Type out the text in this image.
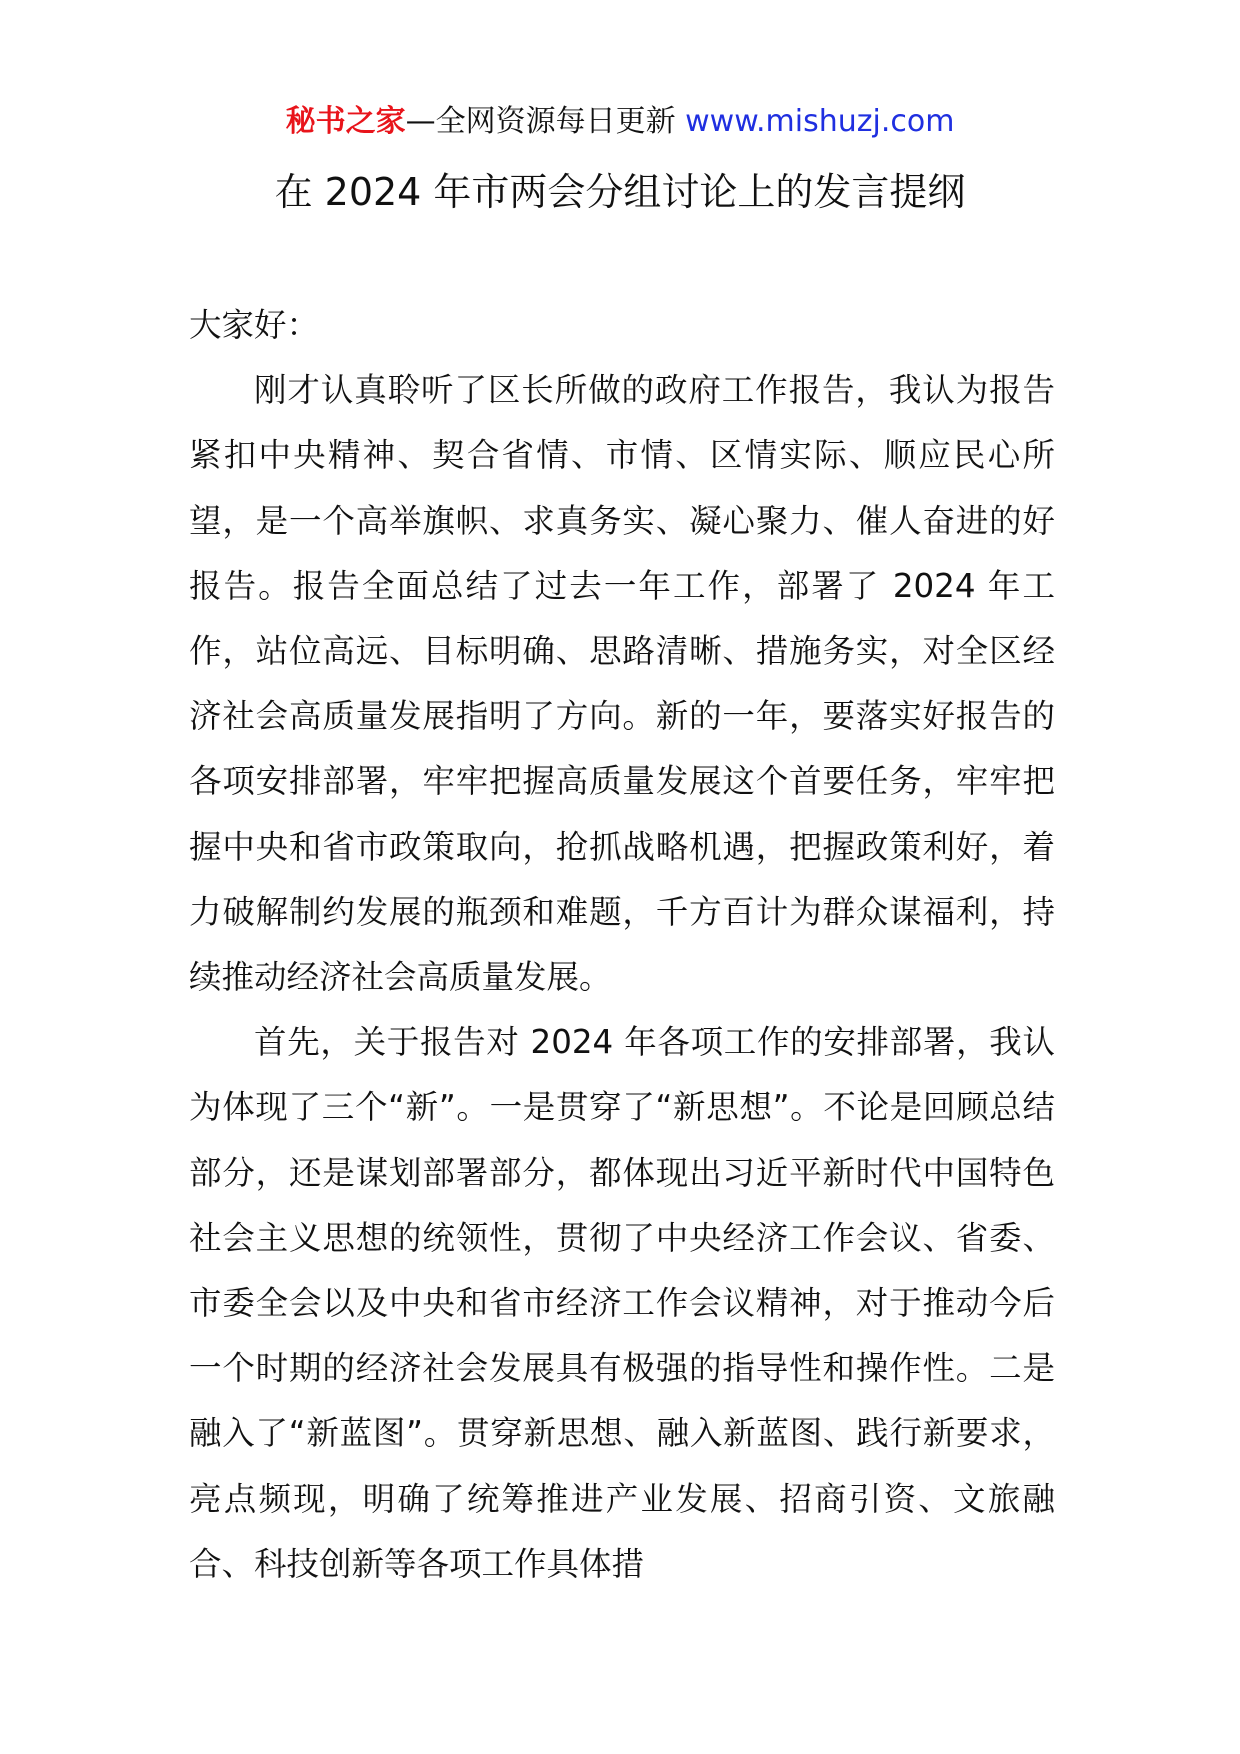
秘书之家—全网资源每日更新 www.mishuzj.com
在 2024 年市两会分组讨论上的发言提纲

大家好：

刚才认真聆听了区长所做的政府工作报告，我认为报告紧扣中央精神、契合省情、市情、区情实际、顺应民心所望，是一个高举旗帜、求真务实、凝心聚力、催人奋进的好报告。报告全面总结了过去一年工作，部署了 2024 年工作，站位高远、目标明确、思路清晰、措施务实，对全区经济社会高质量发展指明了方向。新的一年，要落实好报告的各项安排部署，牢牢把握高质量发展这个首要任务，牢牢把握中央和省市政策取向，抢抓战略机遇，把握政策利好，着力破解制约发展的瓶颈和难题，千方百计为群众谋福利，持续推动经济社会高质量发展。

首先，关于报告对 2024 年各项工作的安排部署，我认为体现了三个“新”。一是贯穿了“新思想”。不论是回顾总结部分，还是谋划部署部分，都体现出习近平新时代中国特色社会主义思想的统领性，贯彻了中央经济工作会议、省委、市委全会以及中央和省市经济工作会议精神，对于推动今后一个时期的经济社会发展具有极强的指导性和操作性。二是融入了“新蓝图”。贯穿新思想、融入新蓝图、践行新要求，亮点频现，明确了统筹推进产业发展、招商引资、文旅融合、科技创新等各项工作具体措
